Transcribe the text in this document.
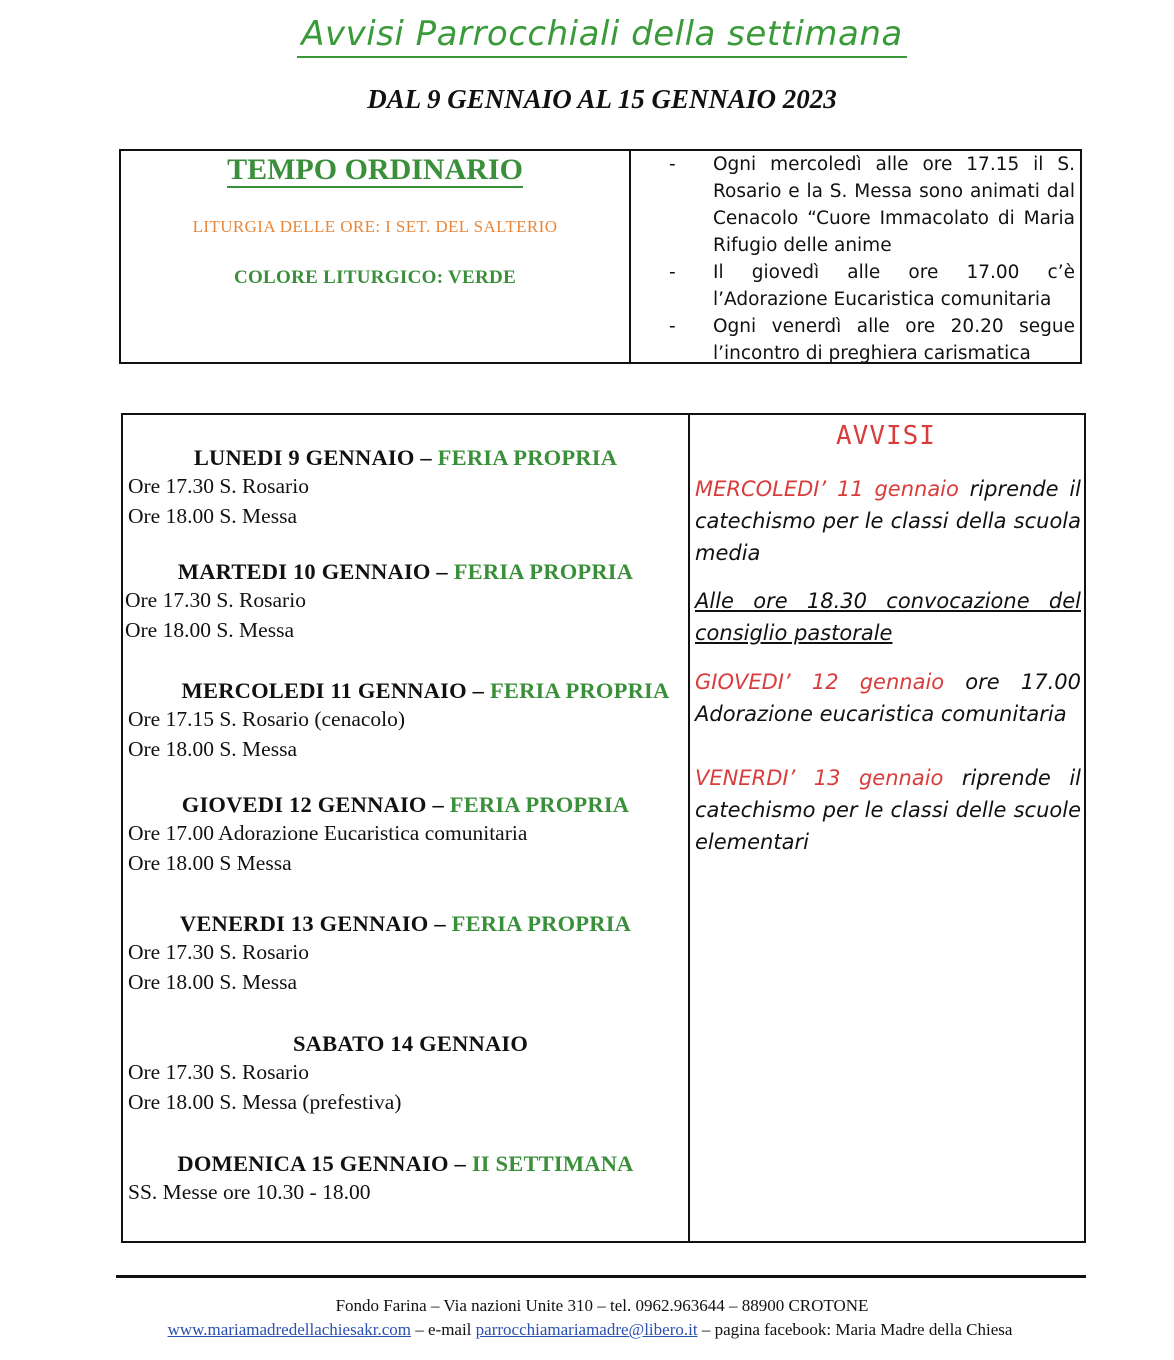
Avvisi Parrocchiali della settimana
DAL 9 GENNAIO AL 15 GENNAIO 2023
TEMPO ORDINARIO
LITURGIA DELLE ORE: I SET. DEL SALTERIO
COLORE LITURGICO: VERDE
- Ogni mercoledì alle ore 17.15 il S. Rosario e la S. Messa sono animati dal Cenacolo “Cuore Immacolato di Maria Rifugio delle anime
- Il giovedì alle ore 17.00 c’è l’Adorazione Eucaristica comunitaria
- Ogni venerdì alle ore 20.20 segue l’incontro di preghiera carismatica
LUNEDI 9 GENNAIO – FERIA PROPRIA
Ore 17.30 S. Rosario
Ore 18.00 S. Messa
MARTEDI 10 GENNAIO – FERIA PROPRIA
Ore 17.30 S. Rosario
Ore 18.00 S. Messa
MERCOLEDI 11 GENNAIO – FERIA PROPRIA
Ore 17.15 S. Rosario (cenacolo)
Ore 18.00 S. Messa
GIOVEDI 12 GENNAIO – FERIA PROPRIA
Ore 17.00 Adorazione Eucaristica comunitaria
Ore 18.00 S Messa
VENERDI 13 GENNAIO – FERIA PROPRIA
Ore 17.30 S. Rosario
Ore 18.00 S. Messa
SABATO 14 GENNAIO
Ore 17.30 S. Rosario
Ore 18.00 S. Messa (prefestiva)
DOMENICA 15 GENNAIO – II SETTIMANA
SS. Messe ore 10.30 - 18.00
AVVISI
MERCOLEDI’ 11 gennaio riprende il catechismo per le classi della scuola media
Alle ore 18.30 convocazione del consiglio pastorale
GIOVEDI’ 12 gennaio ore 17.00 Adorazione eucaristica comunitaria
VENERDI’ 13 gennaio riprende il catechismo per le classi delle scuole elementari
Fondo Farina – Via nazioni Unite 310 – tel. 0962.963644 – 88900 CROTONE
www.mariamadredellachiesakr.com – e-mail parrocchiamariamadre@libero.it – pagina facebook: Maria Madre della Chiesa
